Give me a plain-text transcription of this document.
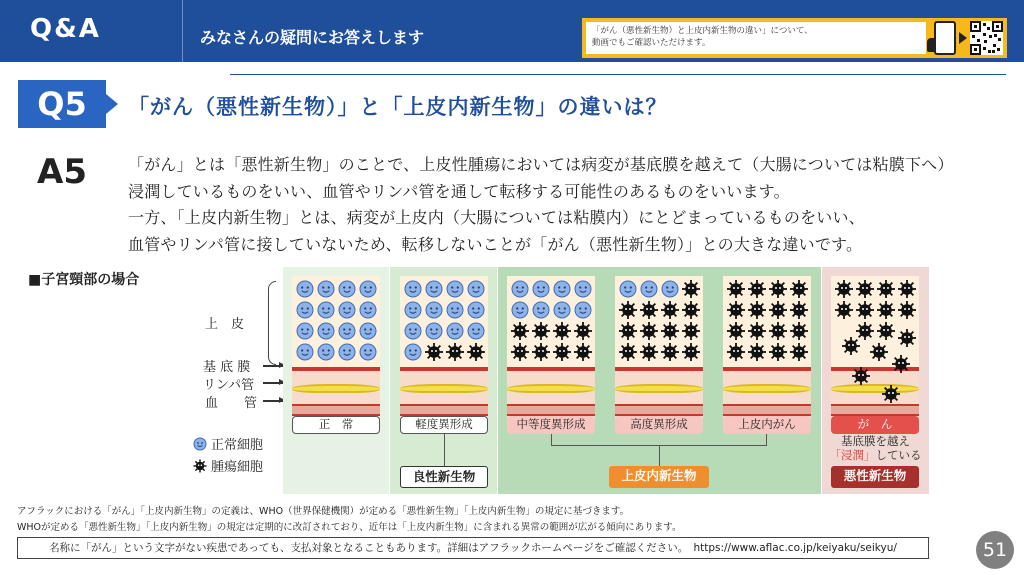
Q&A	みなさんの疑問にお答えします	「がん（悪性新生物）と上皮内新生物の違い」について、
動画でもご確認いただけます。
Q5	「がん（悪性新生物）」と「上皮内新生物」の違いは？
A5	「がん」とは「悪性新生物」のことで、上皮性腫瘍においては病変が基底膜を越えて（大腸については粘膜下へ）
浸潤しているものをいい、血管やリンパ管を通して転移する可能性のあるものをいいます。
一方、「上皮内新生物」とは、病変が上皮内（大腸については粘膜内）にとどまっているものをいい、
血管やリンパ管に接していないため、転移しないことが「がん（悪性新生物）」との大きな違いです。
■子宮頸部の場合
上　皮
基 底 膜
リンパ管
血　　管
正常細胞
腫瘍細胞
正　常	軽度異形成	中等度異形成	高度異形成	上皮内がん	が　ん
良性新生物	上皮内新生物	悪性新生物
基底膜を越え
「浸潤」している
アフラックにおける「がん」「上皮内新生物」の定義は、WHO（世界保健機関）が定める「悪性新生物」「上皮内新生物」の規定に基づきます。
WHOが定める「悪性新生物」「上皮内新生物」の規定は定期的に改訂されており、近年は「上皮内新生物」に含まれる異常の範囲が広がる傾向にあります。
名称に「がん」という文字がない疾患であっても、支払対象となることもあります。詳細はアフラックホームページをご確認ください。　https://www.aflac.co.jp/keiyaku/seikyu/	51
